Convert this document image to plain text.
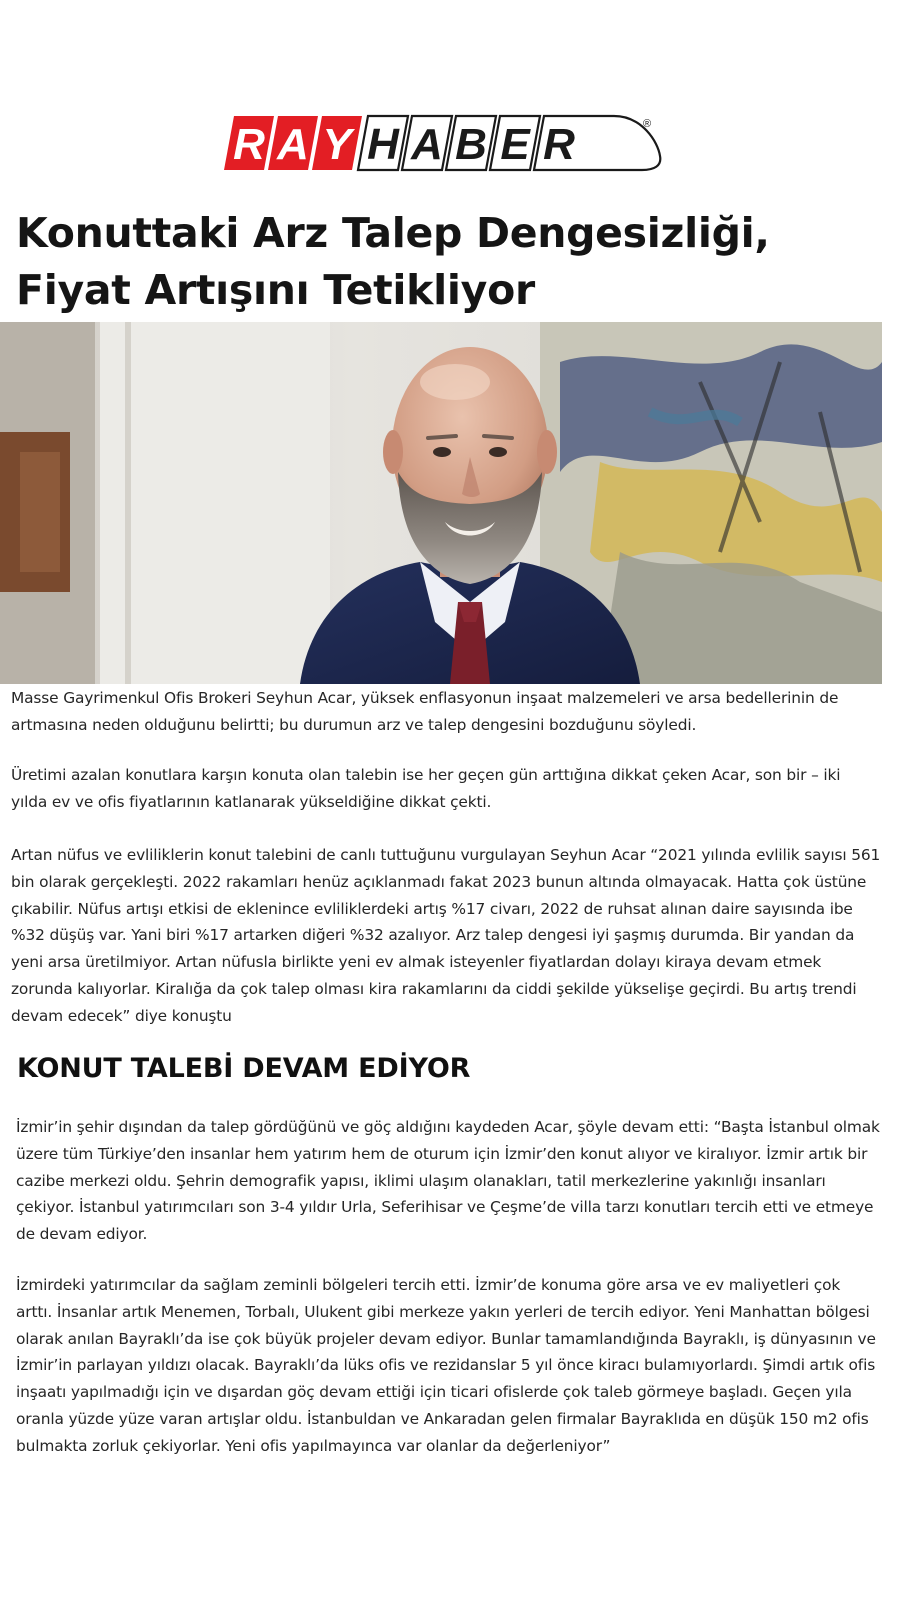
R A Y H A B E R	®
Konuttaki Arz Talep Dengesizliği, Fiyat Artışını Tetikliyor

Masse Gayrimenkul Ofis Brokeri Seyhun Acar, yüksek enflasyonun inşaat malzemeleri ve arsa bedellerinin de artmasına neden olduğunu belirtti; bu durumun arz ve talep dengesini bozduğunu söyledi.

Üretimi azalan konutlara karşın konuta olan talebin ise her geçen gün arttığına dikkat çeken Acar, son bir – iki yılda ev ve ofis fiyatlarının katlanarak yükseldiğine dikkat çekti.

Artan nüfus ve evliliklerin konut talebini de canlı tuttuğunu vurgulayan Seyhun Acar “2021 yılında evlilik sayısı 561 bin olarak gerçekleşti. 2022 rakamları henüz açıklanmadı fakat 2023 bunun altında olmayacak. Hatta çok üstüne çıkabilir. Nüfus artışı etkisi de eklenince evliliklerdeki artış %17 civarı, 2022 de ruhsat alınan daire sayısında ibe %32 düşüş var. Yani biri %17 artarken diğeri %32 azalıyor. Arz talep dengesi iyi şaşmış durumda. Bir yandan da yeni arsa üretilmiyor. Artan nüfusla birlikte yeni ev almak isteyenler fiyatlardan dolayı kiraya devam etmek zorunda kalıyorlar. Kiralığa da çok talep olması kira rakamlarını da ciddi şekilde yükselişe geçirdi. Bu artış trendi devam edecek” diye konuştu

KONUT TALEBİ DEVAM EDİYOR

İzmir’in şehir dışından da talep gördüğünü ve göç aldığını kaydeden Acar, şöyle devam etti: “Başta İstanbul olmak üzere tüm Türkiye’den insanlar hem yatırım hem de oturum için İzmir’den konut alıyor ve kiralıyor. İzmir artık bir cazibe merkezi oldu. Şehrin demografik yapısı, iklimi ulaşım olanakları, tatil merkezlerine yakınlığı insanları çekiyor. İstanbul yatırımcıları son 3-4 yıldır Urla, Seferihisar ve Çeşme’de villa tarzı konutları tercih etti ve etmeye de devam ediyor.

İzmirdeki yatırımcılar da sağlam zeminli bölgeleri tercih etti. İzmir’de konuma göre arsa ve ev maliyetleri çok arttı. İnsanlar artık Menemen, Torbalı, Ulukent gibi merkeze yakın yerleri de tercih ediyor. Yeni Manhattan bölgesi olarak anılan Bayraklı’da ise çok büyük projeler devam ediyor. Bunlar tamamlandığında Bayraklı, iş dünyasının ve İzmir’in parlayan yıldızı olacak. Bayraklı’da lüks ofis ve rezidanslar 5 yıl önce kiracı bulamıyorlardı. Şimdi artık ofis inşaatı yapılmadığı için ve dışardan göç devam ettiği için ticari ofislerde çok taleb görmeye başladı. Geçen yıla oranla yüzde yüze varan artışlar oldu. İstanbuldan ve Ankaradan gelen firmalar Bayraklıda en düşük 150 m2 ofis bulmakta zorluk çekiyorlar. Yeni ofis yapılmayınca var olanlar da değerleniyor”
